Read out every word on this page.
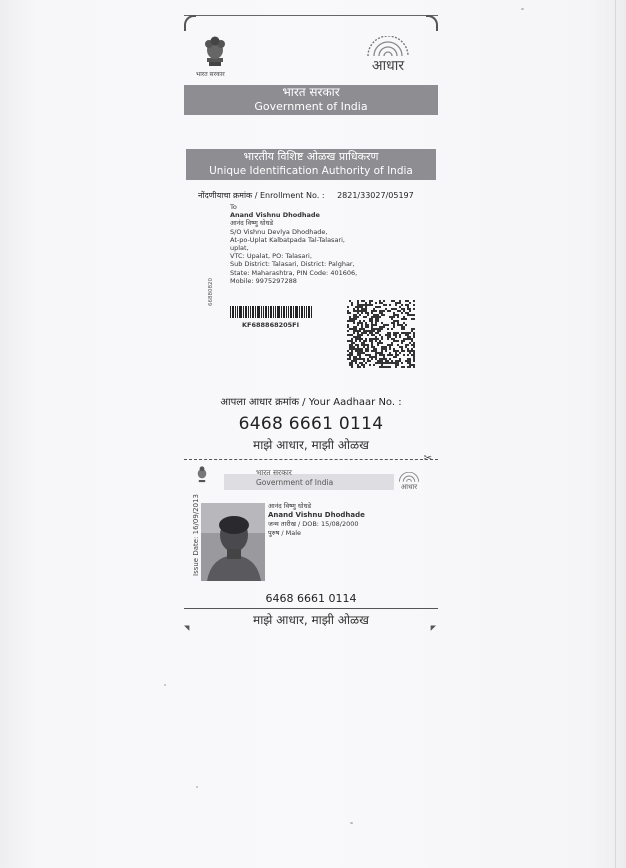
भारत सरकार
आधार
भारत सरकार
Government of India
भारतीय विशिष्ट ओळख प्राधिकरण
Unique Identification Authority of India
नोंदणीयाचा क्रमांक / Enrollment No. : 2821/33027/05197
To
Anand Vishnu Dhodhade
आनंद विष्णु धोधडे
S/O Vishnu Devlya Dhodhade,
At-po-Uplat Kalbatpada Tal-Talasari,
uplat,
VTC: Upalat, PO: Talasari,
Sub District: Talasari, District: Palghar,
State: Maharashtra, PIN Code: 401606,
Mobile: 9975297288
66880820
KF688868205FI
आपला आधार क्रमांक / Your Aadhaar No. :
6468 6661 0114
माझे आधार, माझी ओळख
✂
भारत सरकार
Government of India	आधार
Issue Date: 16/09/2013	आनंद विष्णु धोधडे
Anand Vishnu Dhodhade
जन्म तारीख / DOB: 15/08/2000
पुरुष / Male
6468 6661 0114
माझे आधार, माझी ओळख
◥	◤
